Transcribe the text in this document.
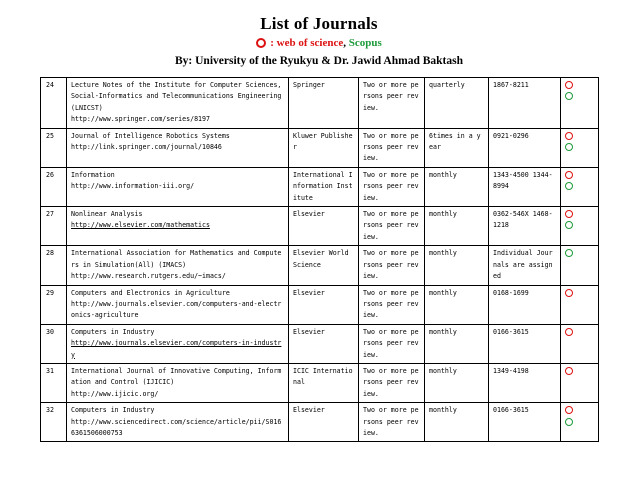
List of Journals
: web of science, Scopus
By: University of the Ryukyu & Dr. Jawid Ahmad Baktash
24	Lecture Notes of the Institute for Computer Sciences, Social-Informatics and Telecommunications Engineering (LNICST)
http://www.springer.com/series/8197	Springer	Two or more persons peer review.	quarterly	1867-8211	

25	Journal of Intelligence Robotics Systems
http://link.springer.com/journal/10846	Kluwer Publisher	Two or more persons peer review.	6times in a year	0921-0296	

26	Information
http://www.information-iii.org/	International Information Institute	Two or more persons peer review.	monthly	1343-4500 1344-8994	

27	Nonlinear Analysis
http://www.elsevier.com/mathematics	Elsevier	Two or more persons peer review.	monthly	0362-546X 1468-1218	

28	International Association for Mathematics and Computers in Simulation(All) (IMACS)
http://www.research.rutgers.edu/~imacs/	Elsevier World Science	Two or more persons peer review.	monthly	Individual Journals are assigned	

29	Computers and Electronics in Agriculture
http://www.journals.elsevier.com/computers-and-electronics-agriculture	Elsevier	Two or more persons peer review.	monthly	0168-1699	

30	Computers in Industry
http://www.journals.elsevier.com/computers-in-industry	Elsevier	Two or more persons peer review.	monthly	0166-3615	

31	International Journal of Innovative Computing, Information and Control (IJICIC)
http://www.ijicic.org/	ICIC International	Two or more persons peer review.	monthly	1349-4198	

32	Computers in Industry
http://www.sciencedirect.com/science/article/pii/S0166361506000753	Elsevier	Two or more persons peer review.	monthly	0166-3615	
